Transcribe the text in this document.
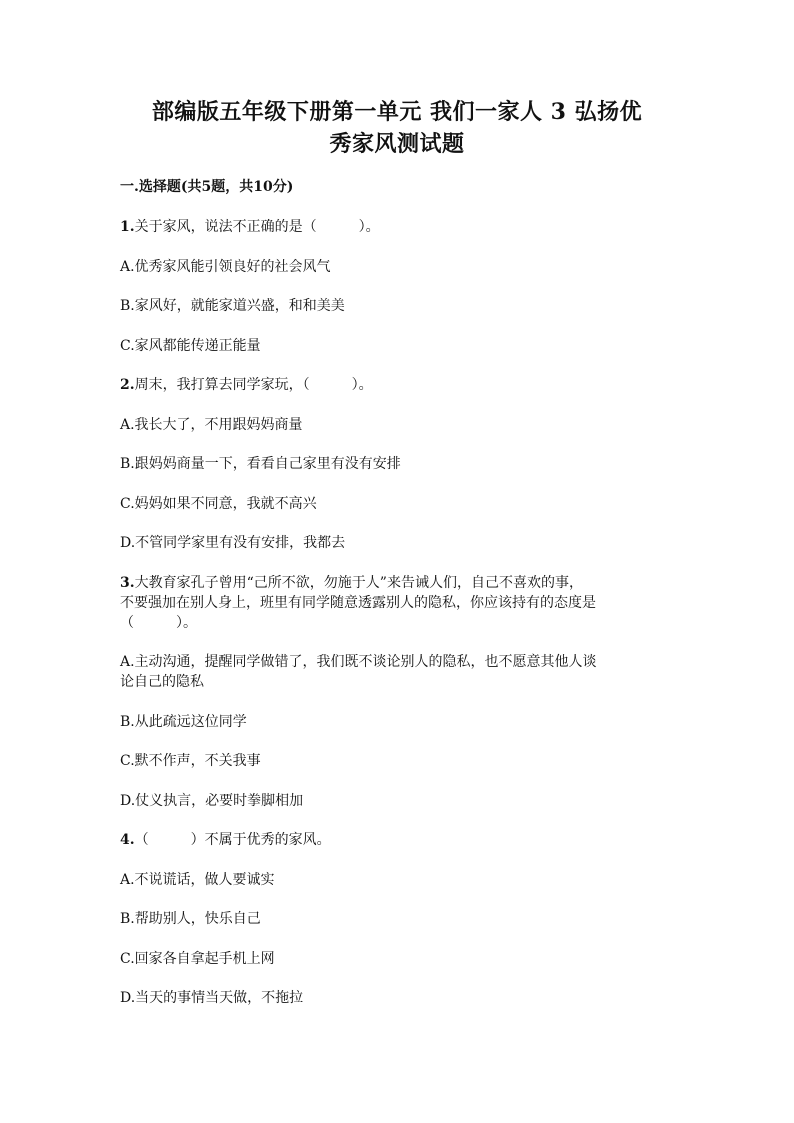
部编版五年级下册第一单元 我们一家人 3 弘扬优
秀家风测试题
一.选择题(共5题，共10分)
1.关于家风，说法不正确的是（　　　）。
A.优秀家风能引领良好的社会风气
B.家风好，就能家道兴盛，和和美美
C.家风都能传递正能量
2.周末，我打算去同学家玩，（　　　）。
A.我长大了，不用跟妈妈商量
B.跟妈妈商量一下，看看自己家里有没有安排
C.妈妈如果不同意，我就不高兴
D.不管同学家里有没有安排，我都去
3.大教育家孔子曾用“己所不欲，勿施于人”来告诫人们，自己不喜欢的事，
不要强加在别人身上，班里有同学随意透露别人的隐私，你应该持有的态度是
（　　　）。
A.主动沟通，提醒同学做错了，我们既不谈论别人的隐私，也不愿意其他人谈
论自己的隐私
B.从此疏远这位同学
C.默不作声，不关我事
D.仗义执言，必要时拳脚相加
4.（　　　）不属于优秀的家风。
A.不说谎话，做人要诚实
B.帮助别人，快乐自己
C.回家各自拿起手机上网
D.当天的事情当天做，不拖拉
